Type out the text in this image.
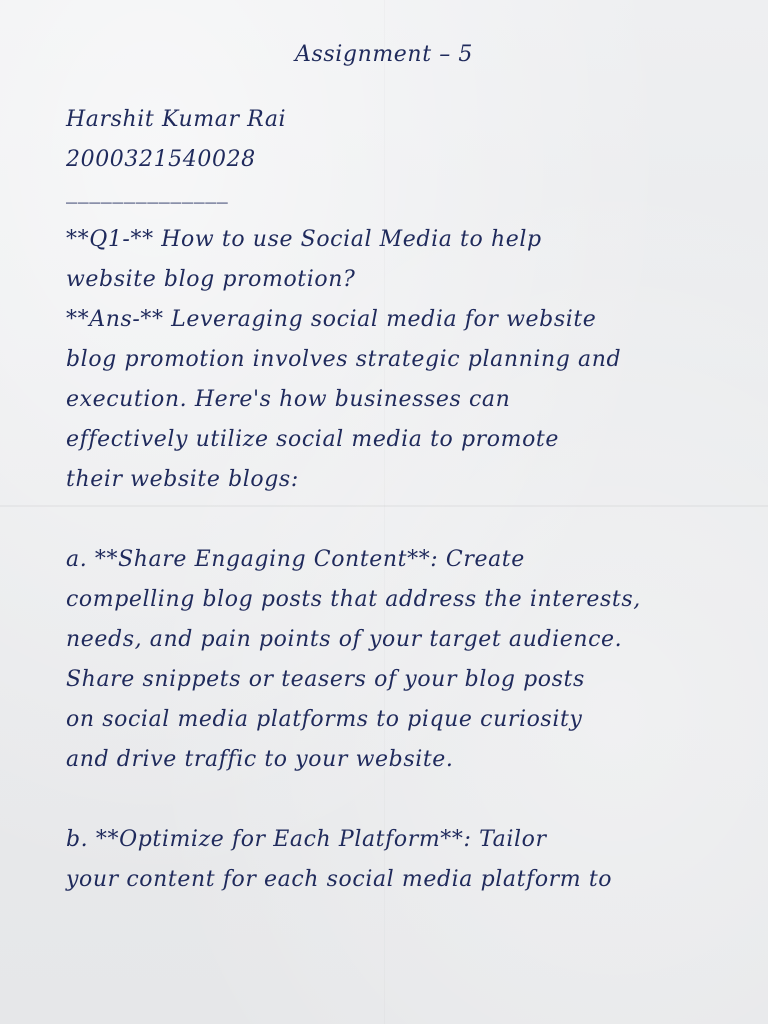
Assignment – 5
Harshit Kumar Rai
2000321540028
______________
**Q1-** How to use Social Media to help
website blog promotion?
**Ans-** Leveraging social media for website
blog promotion involves strategic planning and
execution. Here's how businesses can
effectively utilize social media to promote
their website blogs:
a. **Share Engaging Content**: Create
compelling blog posts that address the interests,
needs, and pain points of your target audience.
Share snippets or teasers of your blog posts
on social media platforms to pique curiosity
and drive traffic to your website.
b. **Optimize for Each Platform**: Tailor
your content for each social media platform to
